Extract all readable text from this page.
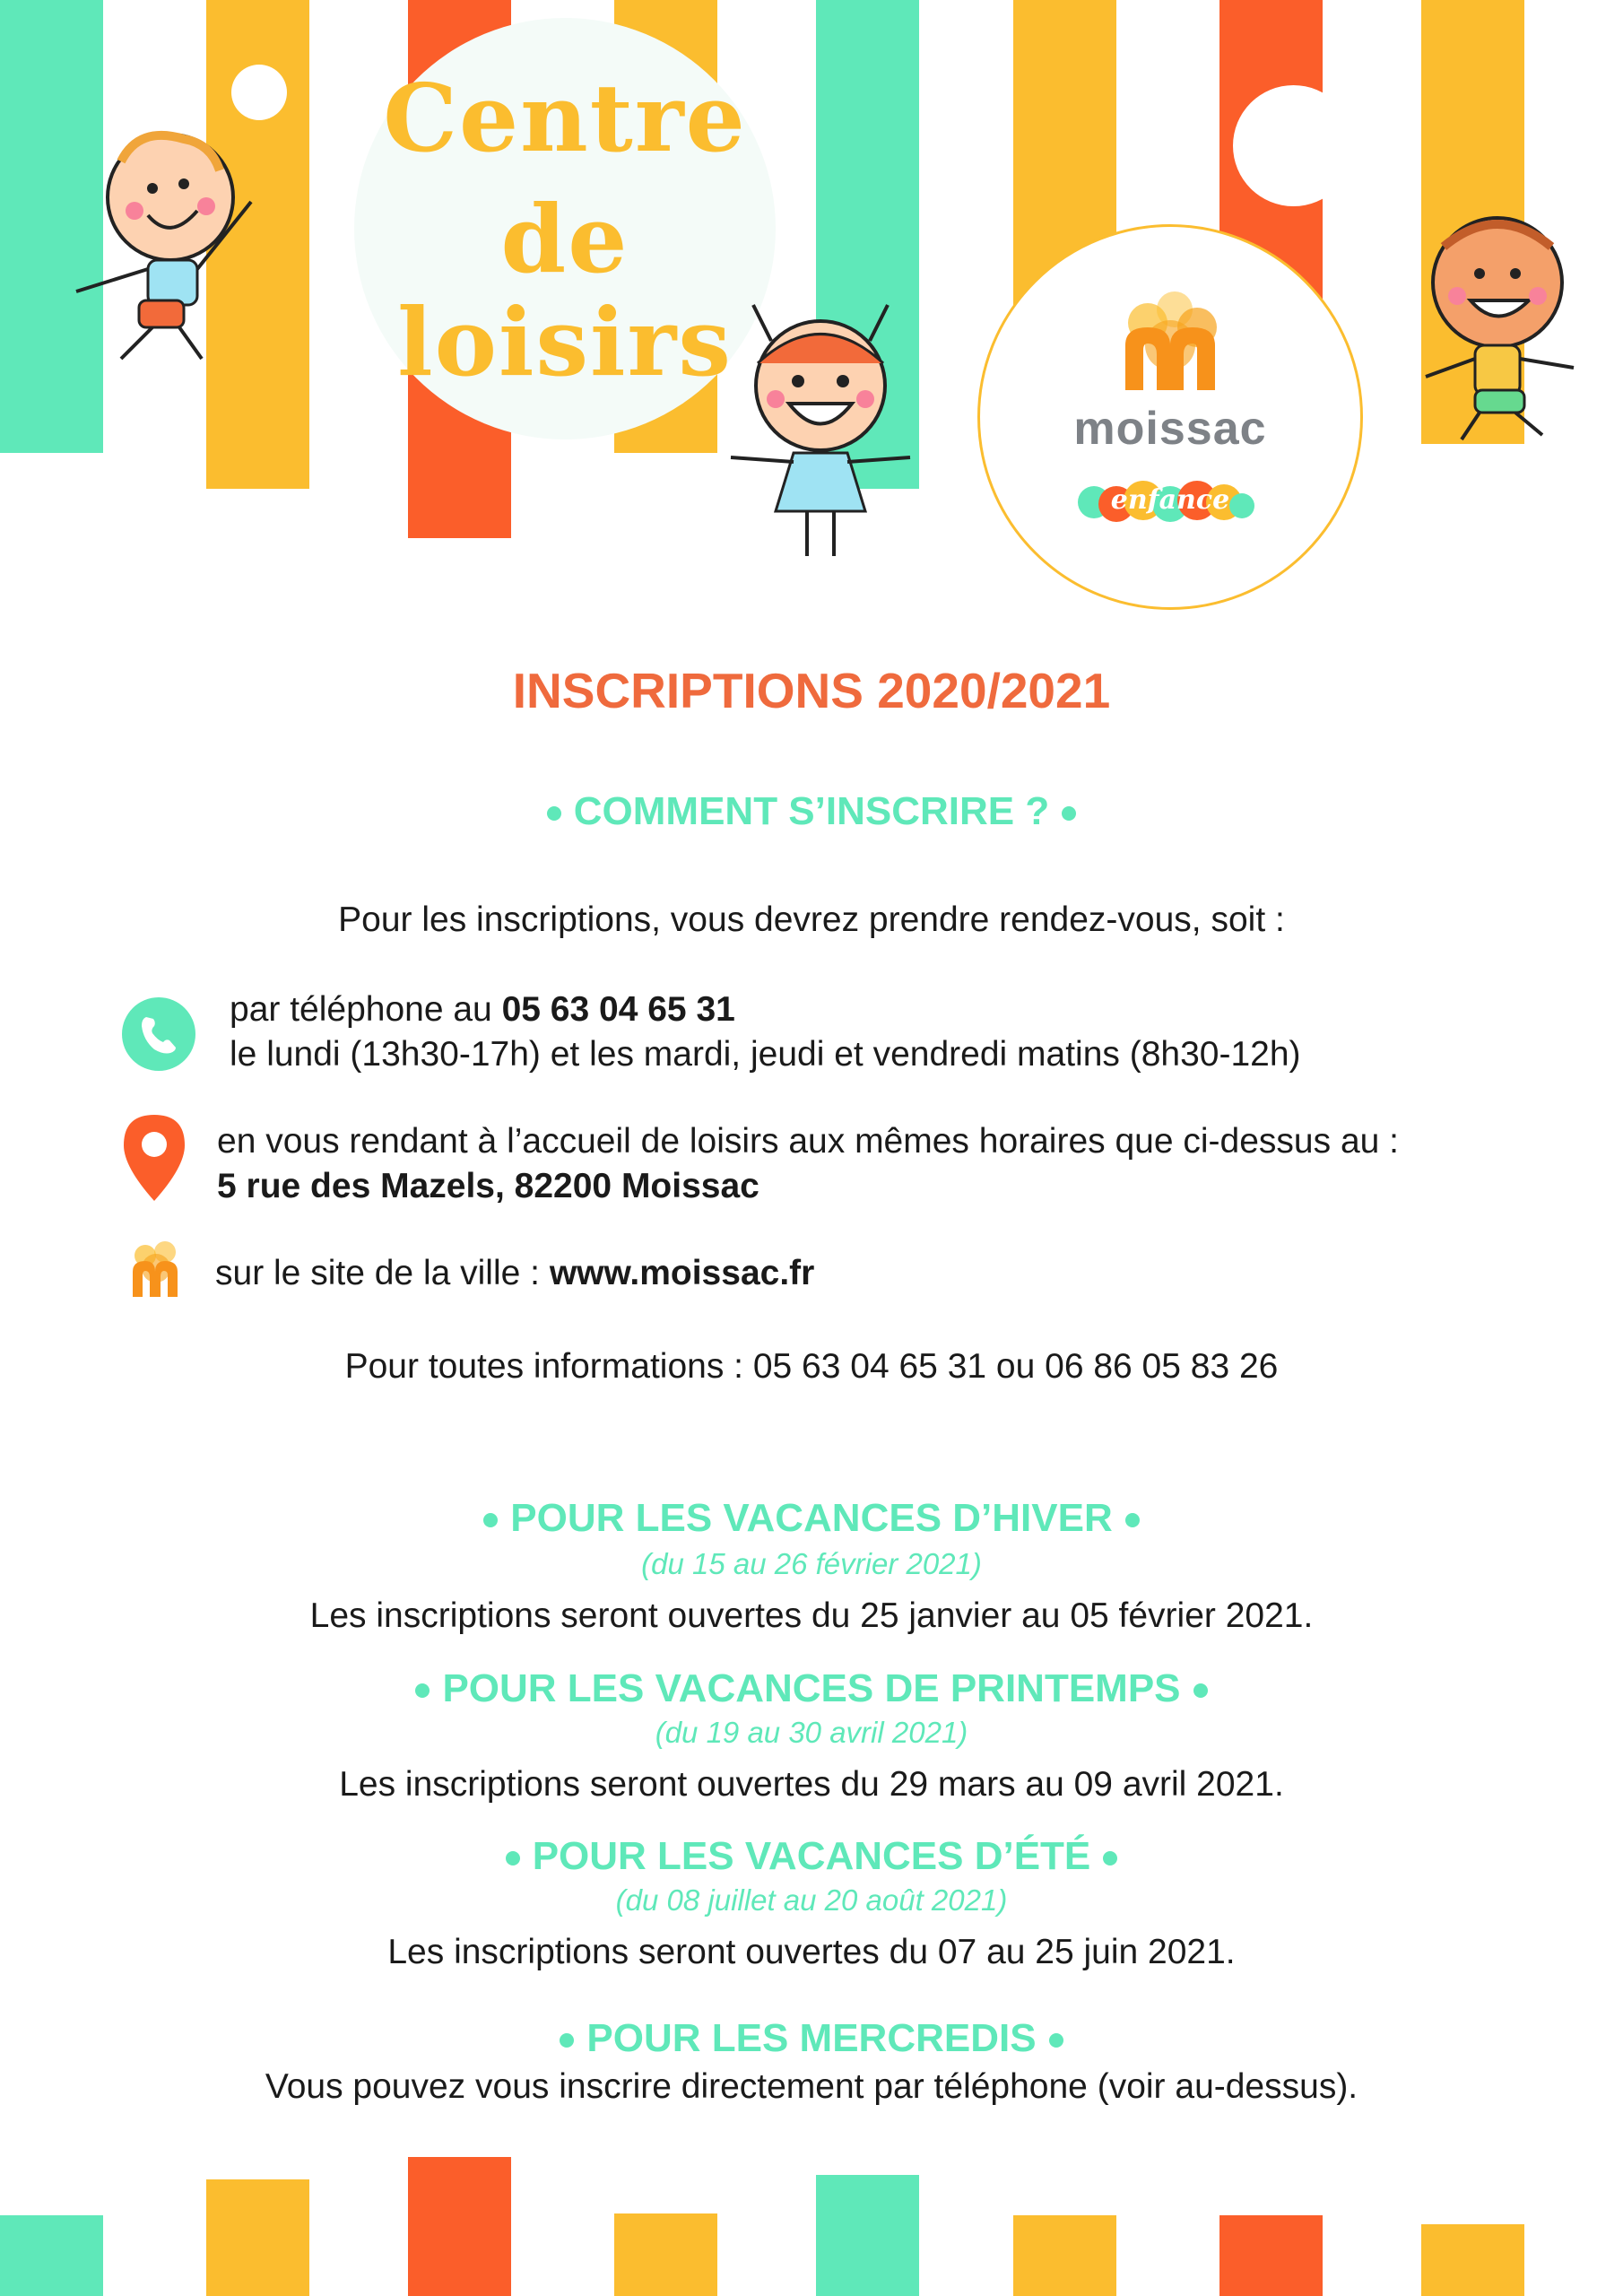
Centre
de
loisirs
moissac
enfance
INSCRIPTIONS 2020/2021
COMMENT S’INSCRIRE ?
Pour les inscriptions, vous devrez prendre rendez-vous, soit :
par téléphone au 05 63 04 65 31
le lundi (13h30-17h) et les mardi, jeudi et vendredi matins (8h30-12h)
en vous rendant à l’accueil de loisirs aux mêmes horaires que ci-dessus au :
5 rue des Mazels, 82200 Moissac
sur le site de la ville : www.moissac.fr
Pour toutes informations : 05 63 04 65 31 ou 06 86 05 83 26
POUR LES VACANCES D’HIVER
(du 15 au 26 février 2021)
Les inscriptions seront ouvertes du 25 janvier au 05 février 2021.
POUR LES VACANCES DE PRINTEMPS
(du 19 au 30 avril 2021)
Les inscriptions seront ouvertes du 29 mars au 09 avril 2021.
POUR LES VACANCES D’ÉTÉ
(du 08 juillet au 20 août 2021)
Les inscriptions seront ouvertes du 07 au 25 juin 2021.
POUR LES MERCREDIS
Vous pouvez vous inscrire directement par téléphone (voir au-dessus).
